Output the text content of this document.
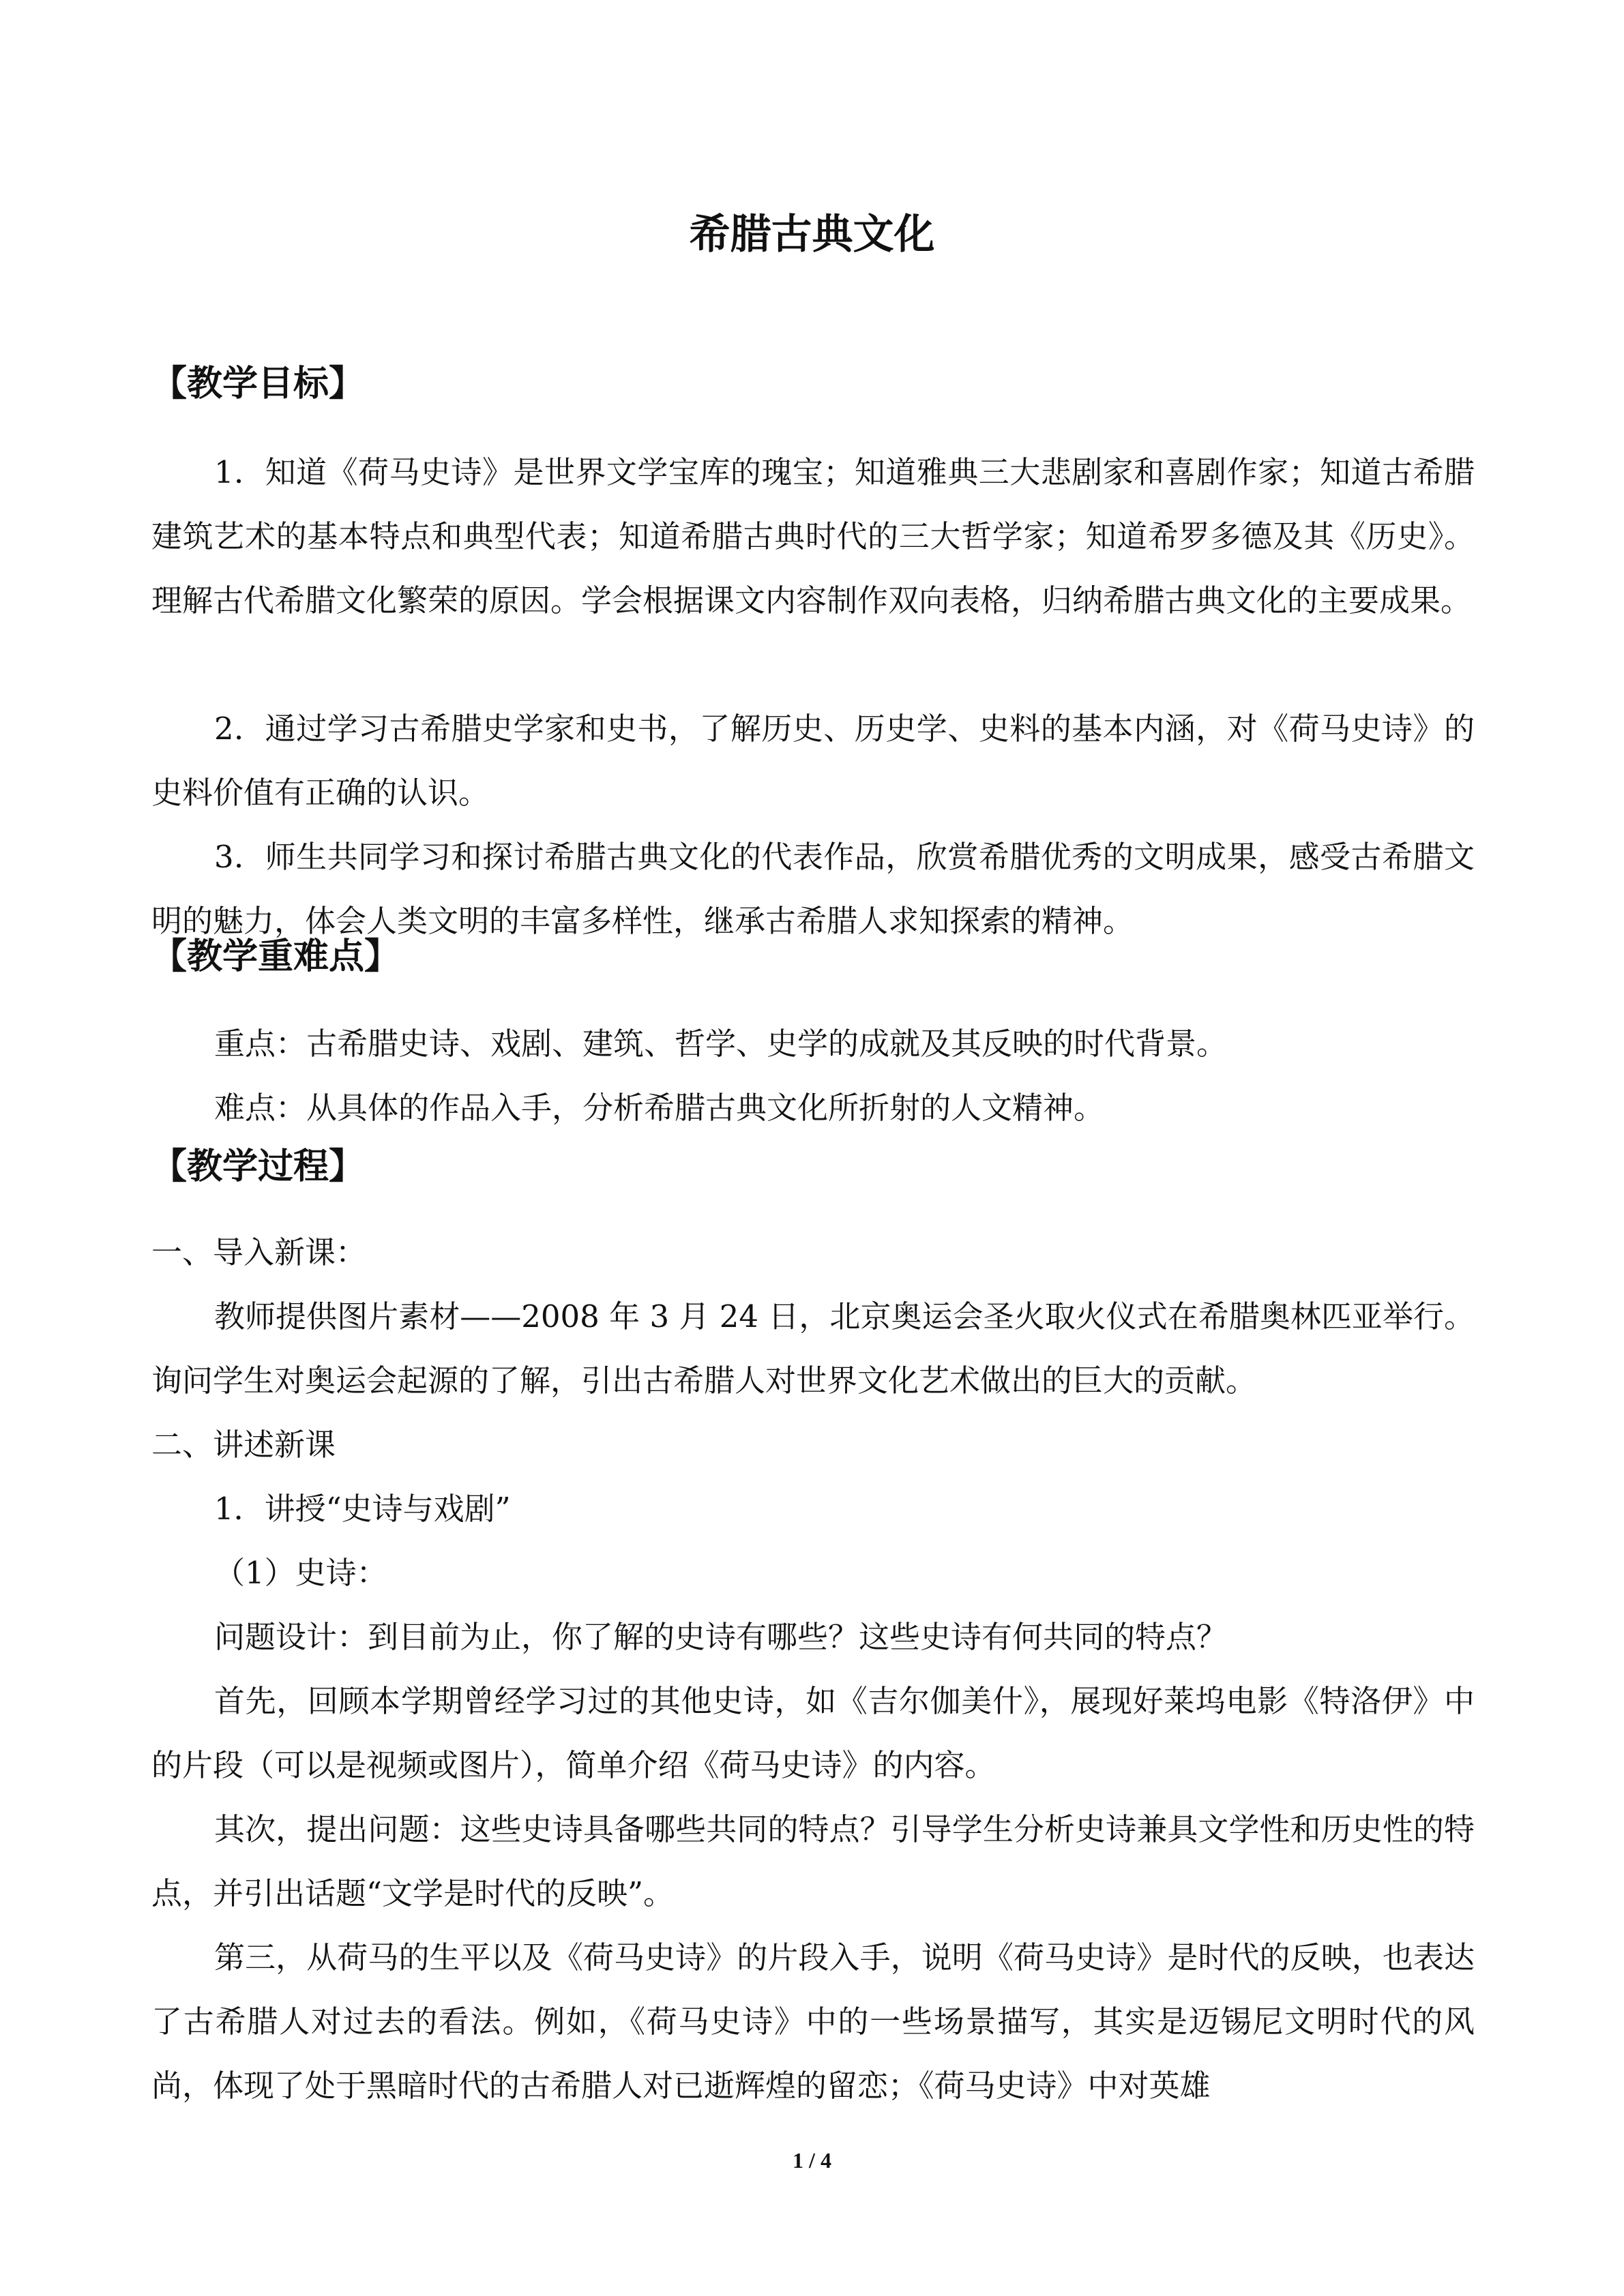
希腊古典文化
【教学目标】

1．知道《荷马史诗》是世界文学宝库的瑰宝；知道雅典三大悲剧家和喜剧作家；知道古希腊建筑艺术的基本特点和典型代表；知道希腊古典时代的三大哲学家；知道希罗多德及其《历史》。理解古代希腊文化繁荣的原因。学会根据课文内容制作双向表格，归纳希腊古典文化的主要成果。

2．通过学习古希腊史学家和史书，了解历史、历史学、史料的基本内涵，对《荷马史诗》的史料价值有正确的认识。

3．师生共同学习和探讨希腊古典文化的代表作品，欣赏希腊优秀的文明成果，感受古希腊文明的魅力，体会人类文明的丰富多样性，继承古希腊人求知探索的精神。

【教学重难点】

重点：古希腊史诗、戏剧、建筑、哲学、史学的成就及其反映的时代背景。

难点：从具体的作品入手，分析希腊古典文化所折射的人文精神。

【教学过程】

一、导入新课：

教师提供图片素材——2008 年 3 月 24 日，北京奥运会圣火取火仪式在希腊奥林匹亚举行。询问学生对奥运会起源的了解，引出古希腊人对世界文化艺术做出的巨大的贡献。

二、讲述新课

1．讲授“史诗与戏剧”

（1）史诗：

问题设计：到目前为止，你了解的史诗有哪些？这些史诗有何共同的特点？

首先，回顾本学期曾经学习过的其他史诗，如《吉尔伽美什》，展现好莱坞电影《特洛伊》中的片段（可以是视频或图片），简单介绍《荷马史诗》的内容。

其次，提出问题：这些史诗具备哪些共同的特点？引导学生分析史诗兼具文学性和历史性的特点，并引出话题“文学是时代的反映”。

第三，从荷马的生平以及《荷马史诗》的片段入手，说明《荷马史诗》是时代的反映，也表达了古希腊人对过去的看法。例如，《荷马史诗》中的一些场景描写，其实是迈锡尼文明时代的风尚，体现了处于黑暗时代的古希腊人对已逝辉煌的留恋；《荷马史诗》中对英雄

1 / 4
